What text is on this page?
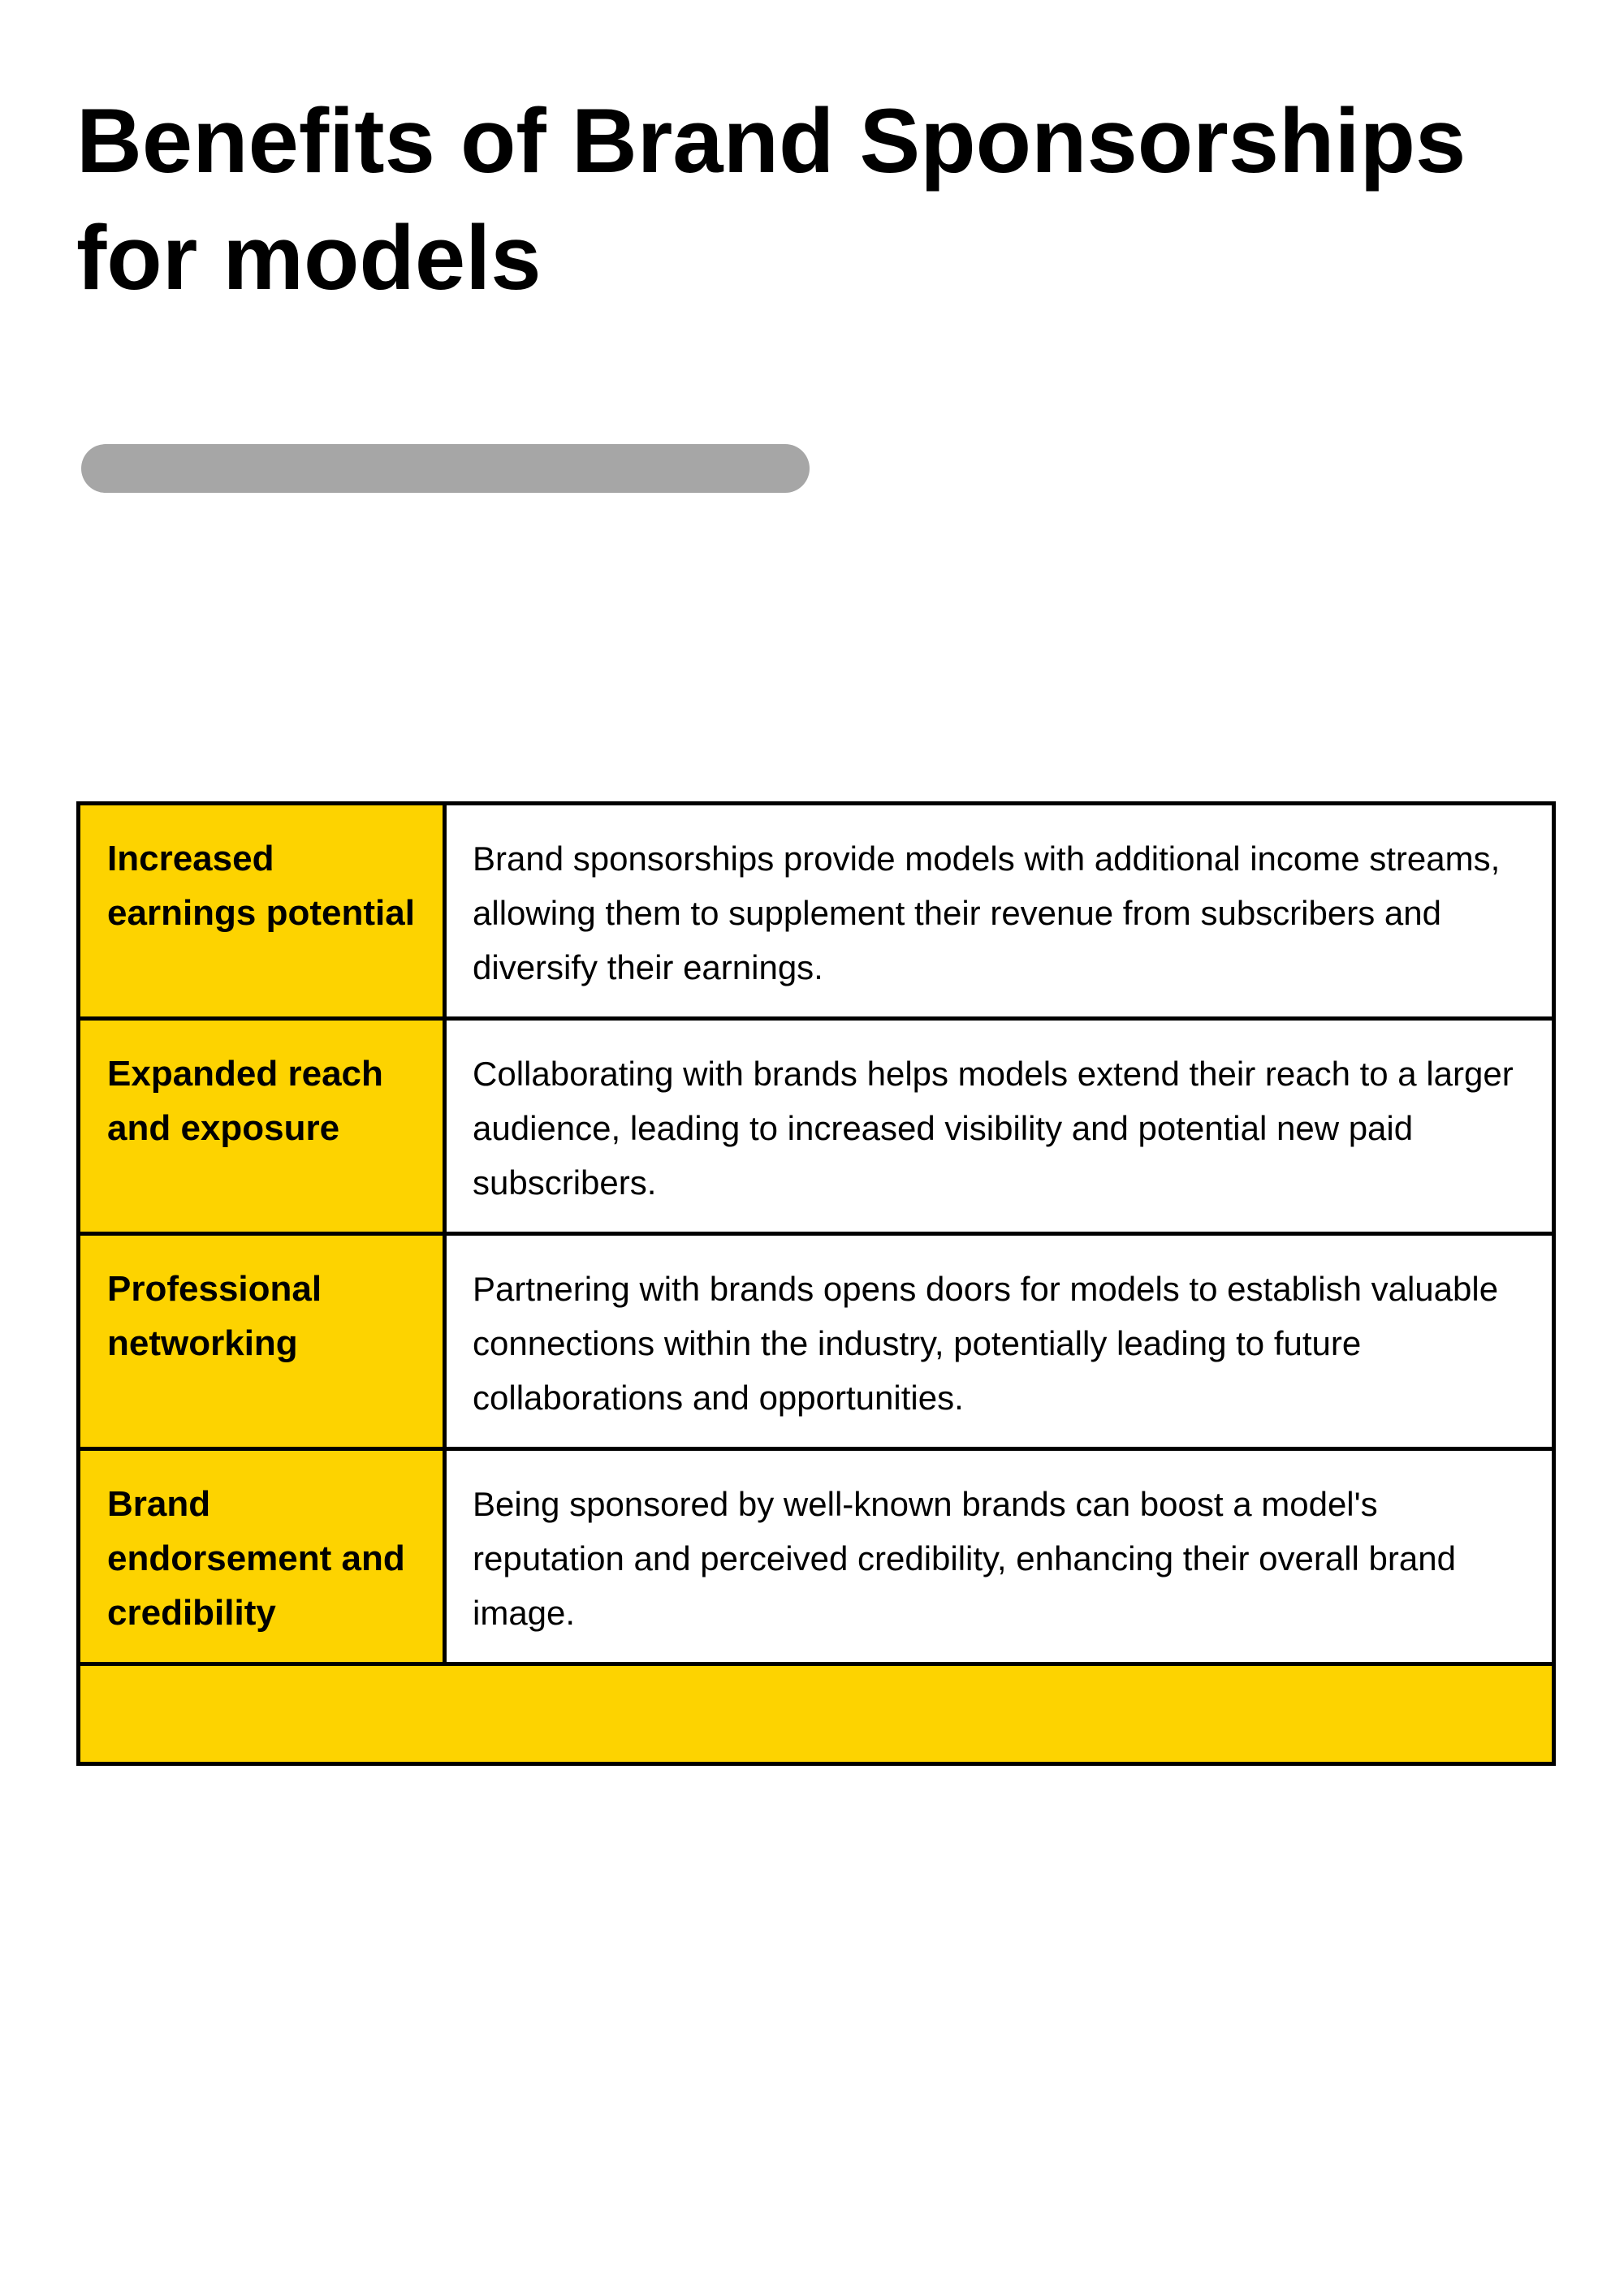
Benefits of Brand Sponsorships for models
Increased earnings potential
Brand sponsorships provide models with additional income streams, allowing them to supplement their revenue from subscribers and diversify their earnings.
Expanded reach and exposure
Collaborating with brands helps models extend their reach to a larger audience, leading to increased visibility and potential new paid subscribers.
Professional networking
Partnering with brands opens doors for models to establish valuable connections within the industry, potentially leading to future collaborations and opportunities.
Brand endorsement and credibility
Being sponsored by well-known brands can boost a model's reputation and perceived credibility, enhancing their overall brand image.
